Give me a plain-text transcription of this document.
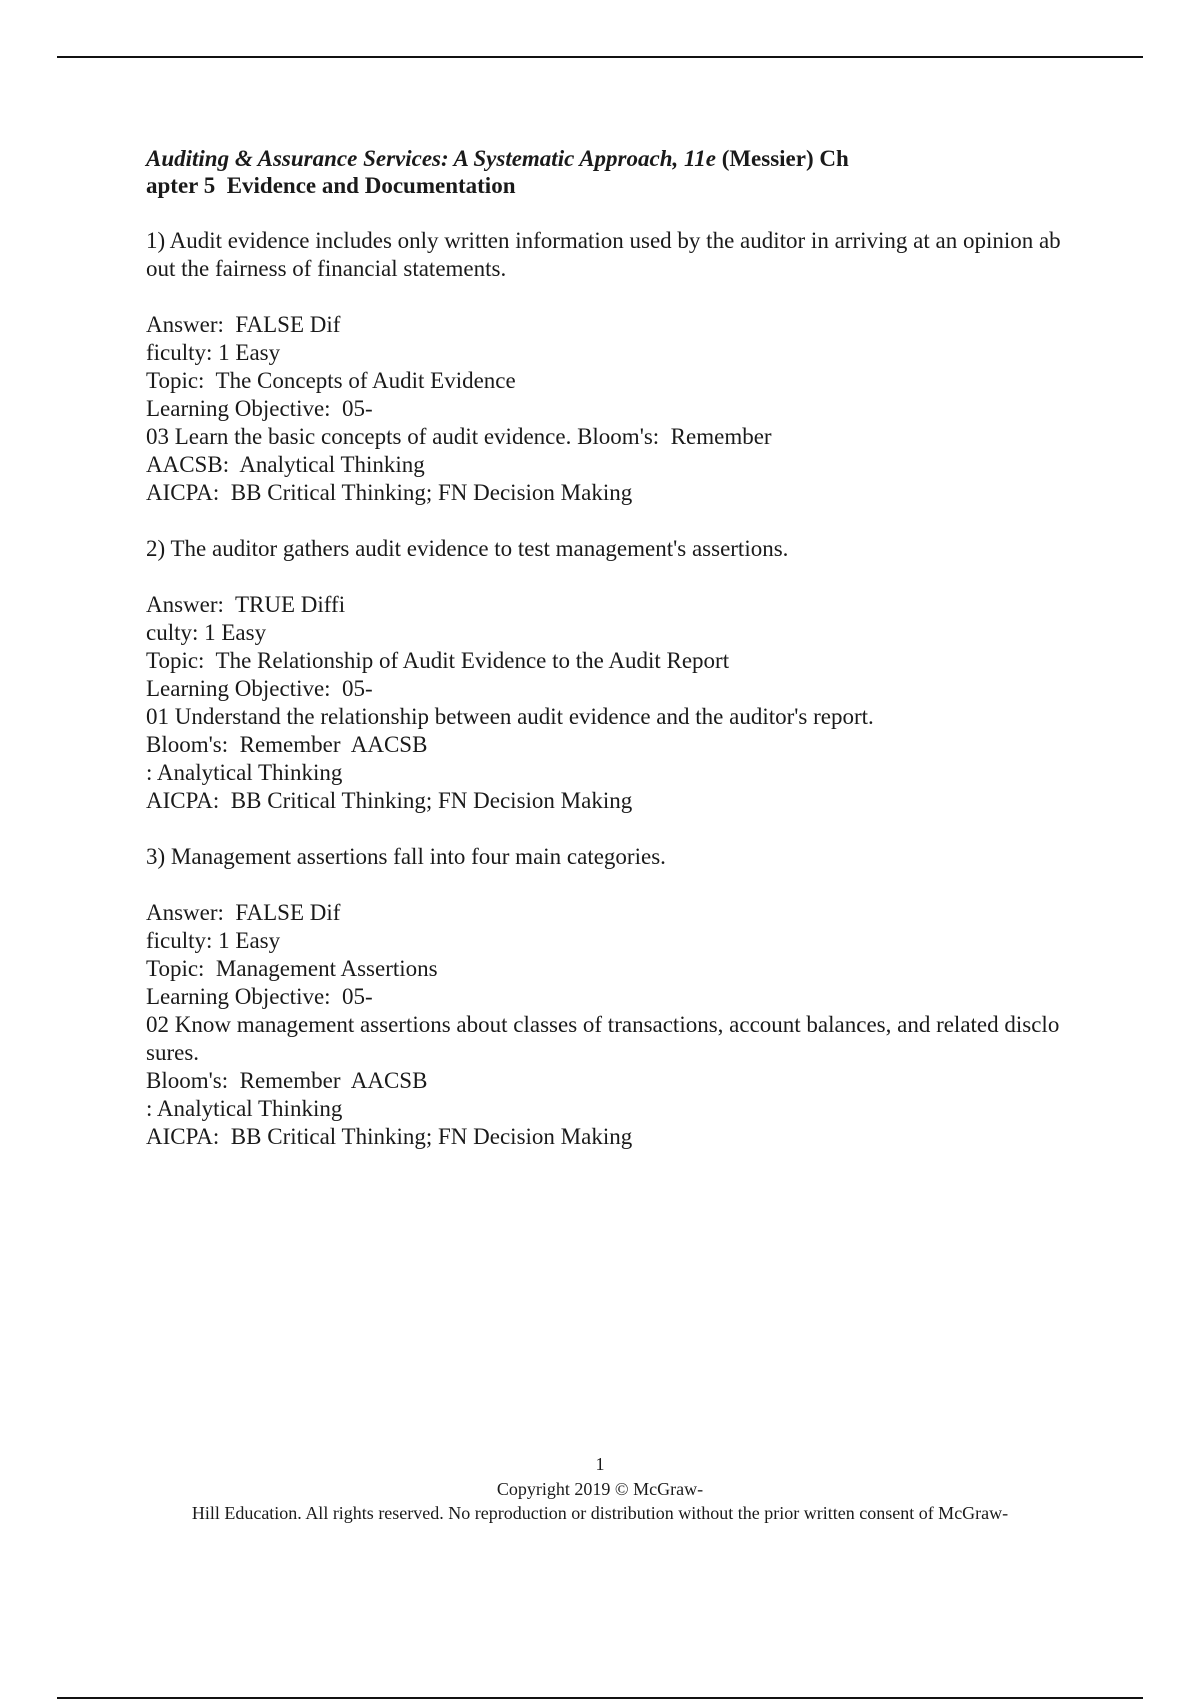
Auditing & Assurance Services: A Systematic Approach, 11e (Messier) Ch
apter 5  Evidence and Documentation
1) Audit evidence includes only written information used by the auditor in arriving at an opinion ab
out the fairness of financial statements.
Answer:  FALSE Dif
ficulty: 1 Easy
Topic:  The Concepts of Audit Evidence
Learning Objective:  05-
03 Learn the basic concepts of audit evidence. Bloom's:  Remember
AACSB:  Analytical Thinking
AICPA:  BB Critical Thinking; FN Decision Making
2) The auditor gathers audit evidence to test management's assertions.
Answer:  TRUE Diffi
culty: 1 Easy
Topic:  The Relationship of Audit Evidence to the Audit Report
Learning Objective:  05-
01 Understand the relationship between audit evidence and the auditor's report.
Bloom's:  Remember  AACSB
: Analytical Thinking
AICPA:  BB Critical Thinking; FN Decision Making
3) Management assertions fall into four main categories.
Answer:  FALSE Dif
ficulty: 1 Easy
Topic:  Management Assertions
Learning Objective:  05-
02 Know management assertions about classes of transactions, account balances, and related disclo
sures.
Bloom's:  Remember  AACSB
: Analytical Thinking
AICPA:  BB Critical Thinking; FN Decision Making
1
Copyright 2019 © McGraw-
Hill Education. All rights reserved. No reproduction or distribution without the prior written consent of McGraw-
